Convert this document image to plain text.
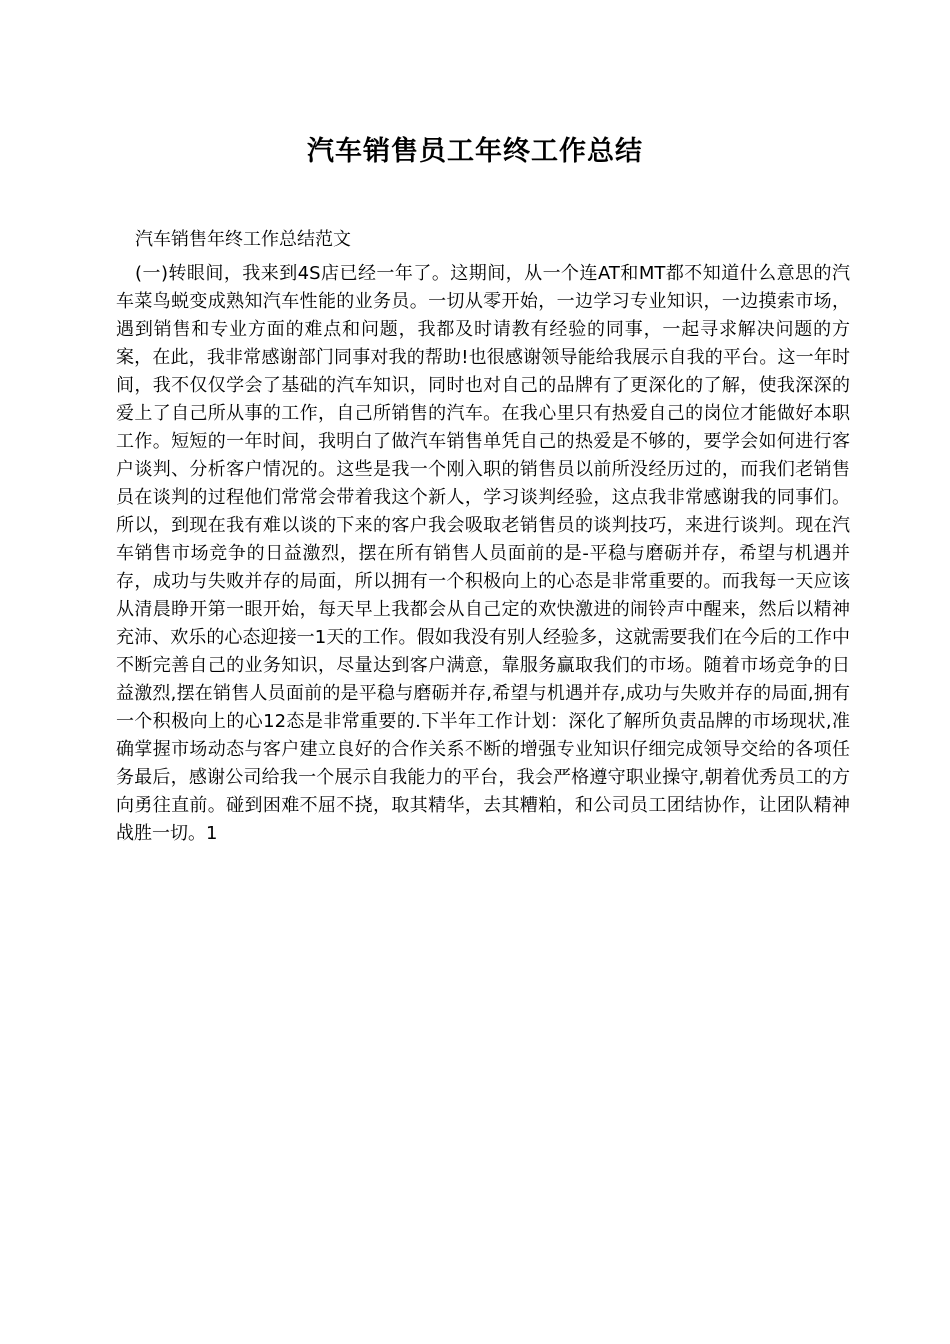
汽车销售员工年终工作总结

汽车销售年终工作总结范文

(一)转眼间，我来到4S店已经一年了。这期间，从一个连AT和MT都不知道什么意思的汽车菜鸟蜕变成熟知汽车性能的业务员。一切从零开始，一边学习专业知识，一边摸索市场，遇到销售和专业方面的难点和问题，我都及时请教有经验的同事，一起寻求解决问题的方案，在此，我非常感谢部门同事对我的帮助!也很感谢领导能给我展示自我的平台。这一年时间，我不仅仅学会了基础的汽车知识，同时也对自己的品牌有了更深化的了解，使我深深的爱上了自己所从事的工作，自己所销售的汽车。在我心里只有热爱自己的岗位才能做好本职工作。短短的一年时间，我明白了做汽车销售单凭自己的热爱是不够的，要学会如何进行客户谈判、分析客户情况的。这些是我一个刚入职的销售员以前所没经历过的，而我们老销售员在谈判的过程他们常常会带着我这个新人，学习谈判经验，这点我非常感谢我的同事们。所以，到现在我有难以谈的下来的客户我会吸取老销售员的谈判技巧，来进行谈判。现在汽车销售市场竞争的日益激烈，摆在所有销售人员面前的是-平稳与磨砺并存，希望与机遇并存，成功与失败并存的局面，所以拥有一个积极向上的心态是非常重要的。而我每一天应该从清晨睁开第一眼开始，每天早上我都会从自己定的欢快激进的闹铃声中醒来，然后以精神充沛、欢乐的心态迎接一1天的工作。假如我没有别人经验多，这就需要我们在今后的工作中不断完善自己的业务知识，尽量达到客户满意，靠服务赢取我们的市场。随着市场竞争的日益激烈,摆在销售人员面前的是平稳与磨砺并存,希望与机遇并存,成功与失败并存的局面,拥有一个积极向上的心12态是非常重要的.下半年工作计划：深化了解所负责品牌的市场现状,准确掌握市场动态与客户建立良好的合作关系不断的增强专业知识仔细完成领导交给的各项任务最后，感谢公司给我一个展示自我能力的平台，我会严格遵守职业操守,朝着优秀员工的方向勇往直前。碰到困难不屈不挠，取其精华，去其糟粕，和公司员工团结协作，让团队精神战胜一切。1
